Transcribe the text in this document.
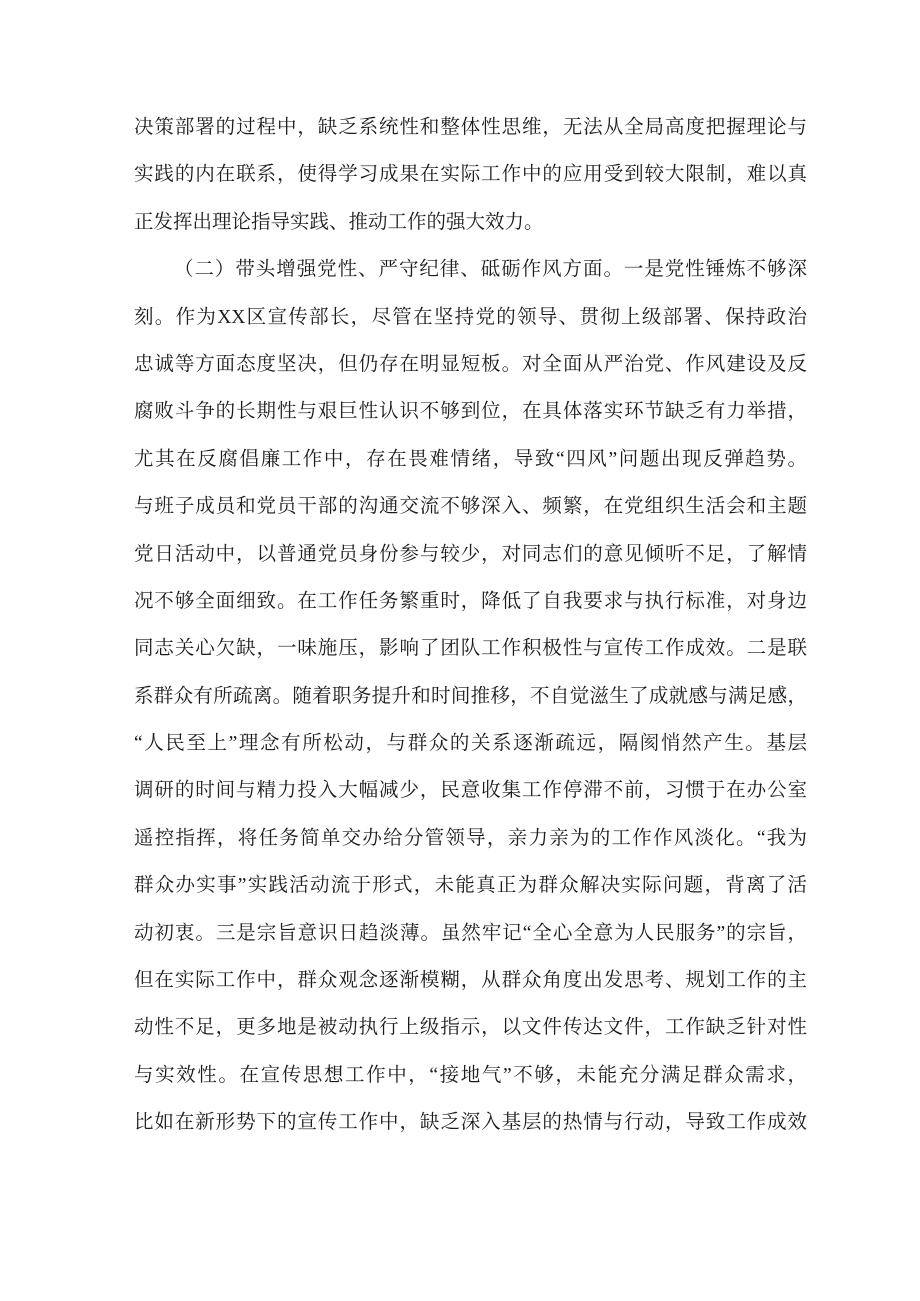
决策部署的过程中，缺乏系统性和整体性思维，无法从全局高度把握理论与
实践的内在联系，使得学习成果在实际工作中的应用受到较大限制，难以真
正发挥出理论指导实践、推动工作的强大效力。
（二）带头增强党性、严守纪律、砥砺作风方面。一是党性锤炼不够深
刻。作为XX区宣传部长，尽管在坚持党的领导、贯彻上级部署、保持政治
忠诚等方面态度坚决，但仍存在明显短板。对全面从严治党、作风建设及反
腐败斗争的长期性与艰巨性认识不够到位，在具体落实环节缺乏有力举措，
尤其在反腐倡廉工作中，存在畏难情绪，导致“四风”问题出现反弹趋势。
与班子成员和党员干部的沟通交流不够深入、频繁，在党组织生活会和主题
党日活动中，以普通党员身份参与较少，对同志们的意见倾听不足，了解情
况不够全面细致。在工作任务繁重时，降低了自我要求与执行标准，对身边
同志关心欠缺，一味施压，影响了团队工作积极性与宣传工作成效。二是联
系群众有所疏离。随着职务提升和时间推移，不自觉滋生了成就感与满足感，
“人民至上”理念有所松动，与群众的关系逐渐疏远，隔阂悄然产生。基层
调研的时间与精力投入大幅减少，民意收集工作停滞不前，习惯于在办公室
遥控指挥，将任务简单交办给分管领导，亲力亲为的工作作风淡化。“我为
群众办实事”实践活动流于形式，未能真正为群众解决实际问题，背离了活
动初衷。三是宗旨意识日趋淡薄。虽然牢记“全心全意为人民服务”的宗旨，
但在实际工作中，群众观念逐渐模糊，从群众角度出发思考、规划工作的主
动性不足，更多地是被动执行上级指示，以文件传达文件，工作缺乏针对性
与实效性。在宣传思想工作中，“接地气”不够，未能充分满足群众需求，
比如在新形势下的宣传工作中，缺乏深入基层的热情与行动，导致工作成效
